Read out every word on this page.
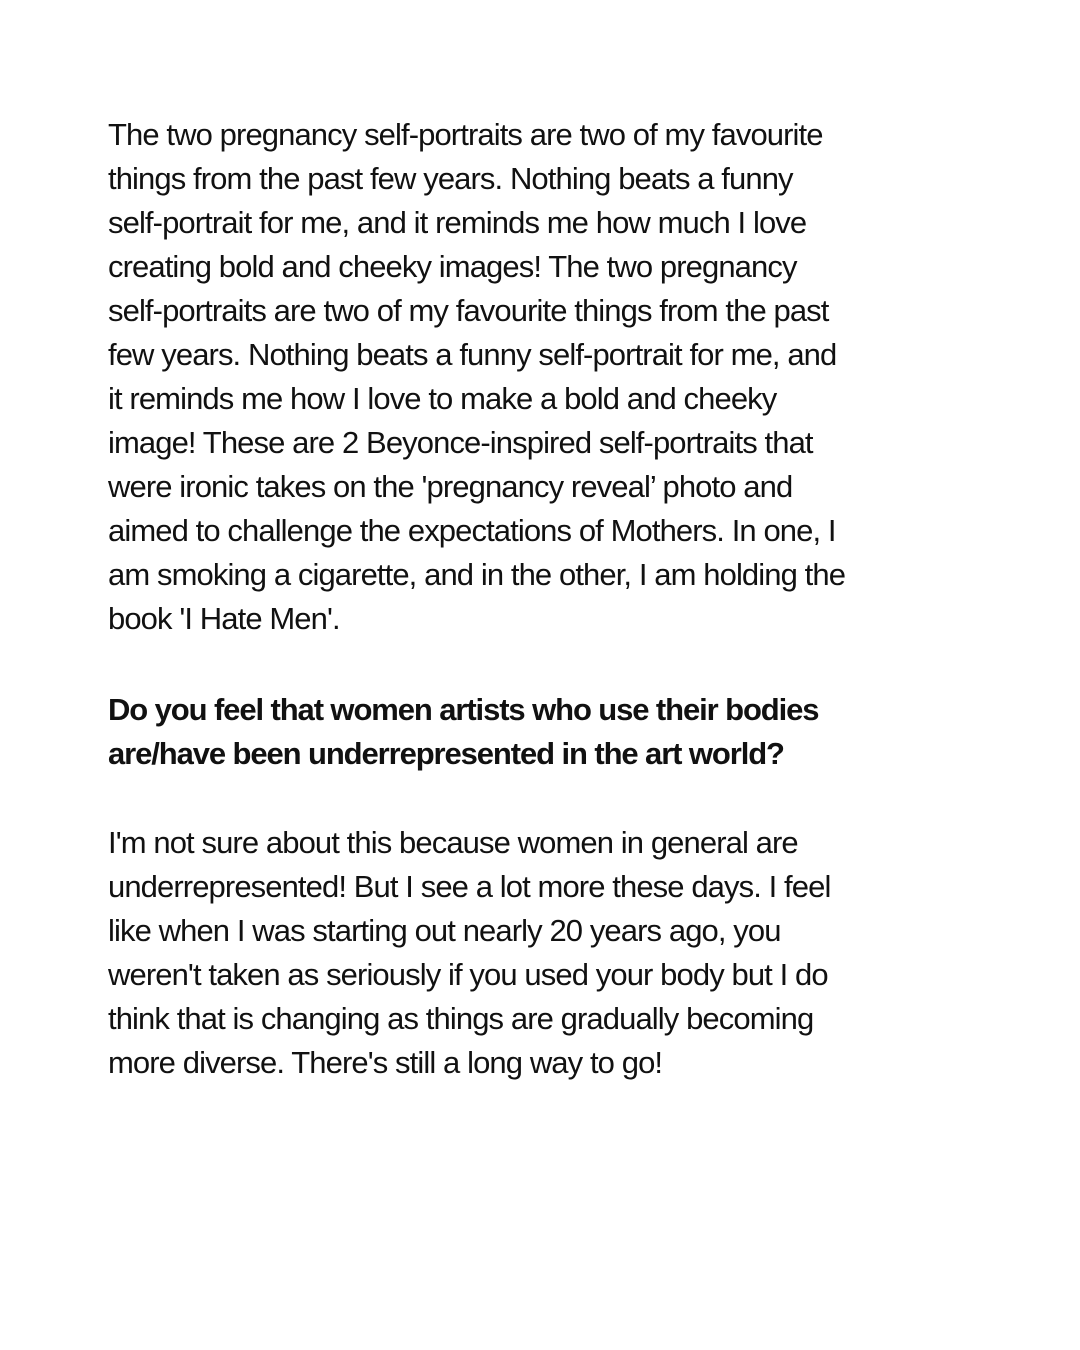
The two pregnancy self-portraits are two of my favourite
things from the past few years. Nothing beats a funny
self-portrait for me, and it reminds me how much I love
creating bold and cheeky images! The two pregnancy
self-portraits are two of my favourite things from the past
few years. Nothing beats a funny self-portrait for me, and
it reminds me how I love to make a bold and cheeky
image! These are 2 Beyonce-inspired self-portraits that
were ironic takes on the 'pregnancy reveal’ photo and
aimed to challenge the expectations of Mothers. In one, I
am smoking a cigarette, and in the other, I am holding the
book 'I Hate Men'.
Do you feel that women artists who use their bodies
are/have been underrepresented in the art world?
I'm not sure about this because women in general are
underrepresented! But I see a lot more these days. I feel
like when I was starting out nearly 20 years ago, you
weren't taken as seriously if you used your body but I do
think that is changing as things are gradually becoming
more diverse. There's still a long way to go!
